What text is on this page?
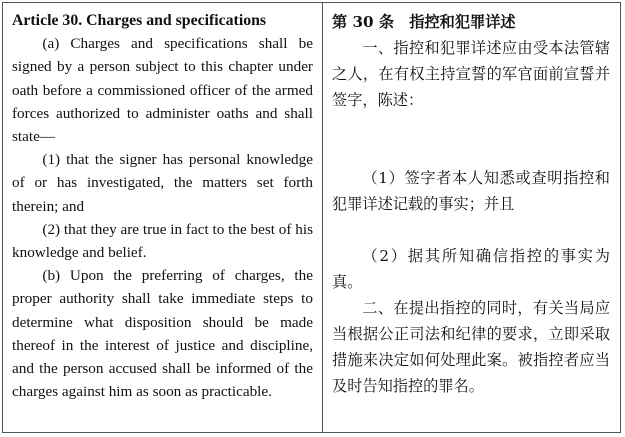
Article 30. Charges and specifications

(a) Charges and specifications shall be signed by a person subject to this chapter under oath before a commissioned officer of the armed forces authorized to administer oaths and shall state—

(1) that the signer has personal knowledge of or has investigated, the matters set forth therein; and

(2) that they are true in fact to the best of his knowledge and belief.

(b) Upon the preferring of charges, the proper authority shall take immediate steps to determine what disposition should be made thereof in the interest of justice and discipline, and the person accused shall be informed of the charges against him as soon as practicable.

第 30 条　指控和犯罪详述

一、指控和犯罪详述应由受本法管辖之人，在有权主持宣誓的军官面前宣誓并签字，陈述：

（1）签字者本人知悉或查明指控和犯罪详述记载的事实；并且

（2）据其所知确信指控的事实为真。

二、在提出指控的同时，有关当局应当根据公正司法和纪律的要求，立即采取措施来决定如何处理此案。被指控者应当及时告知指控的罪名。
